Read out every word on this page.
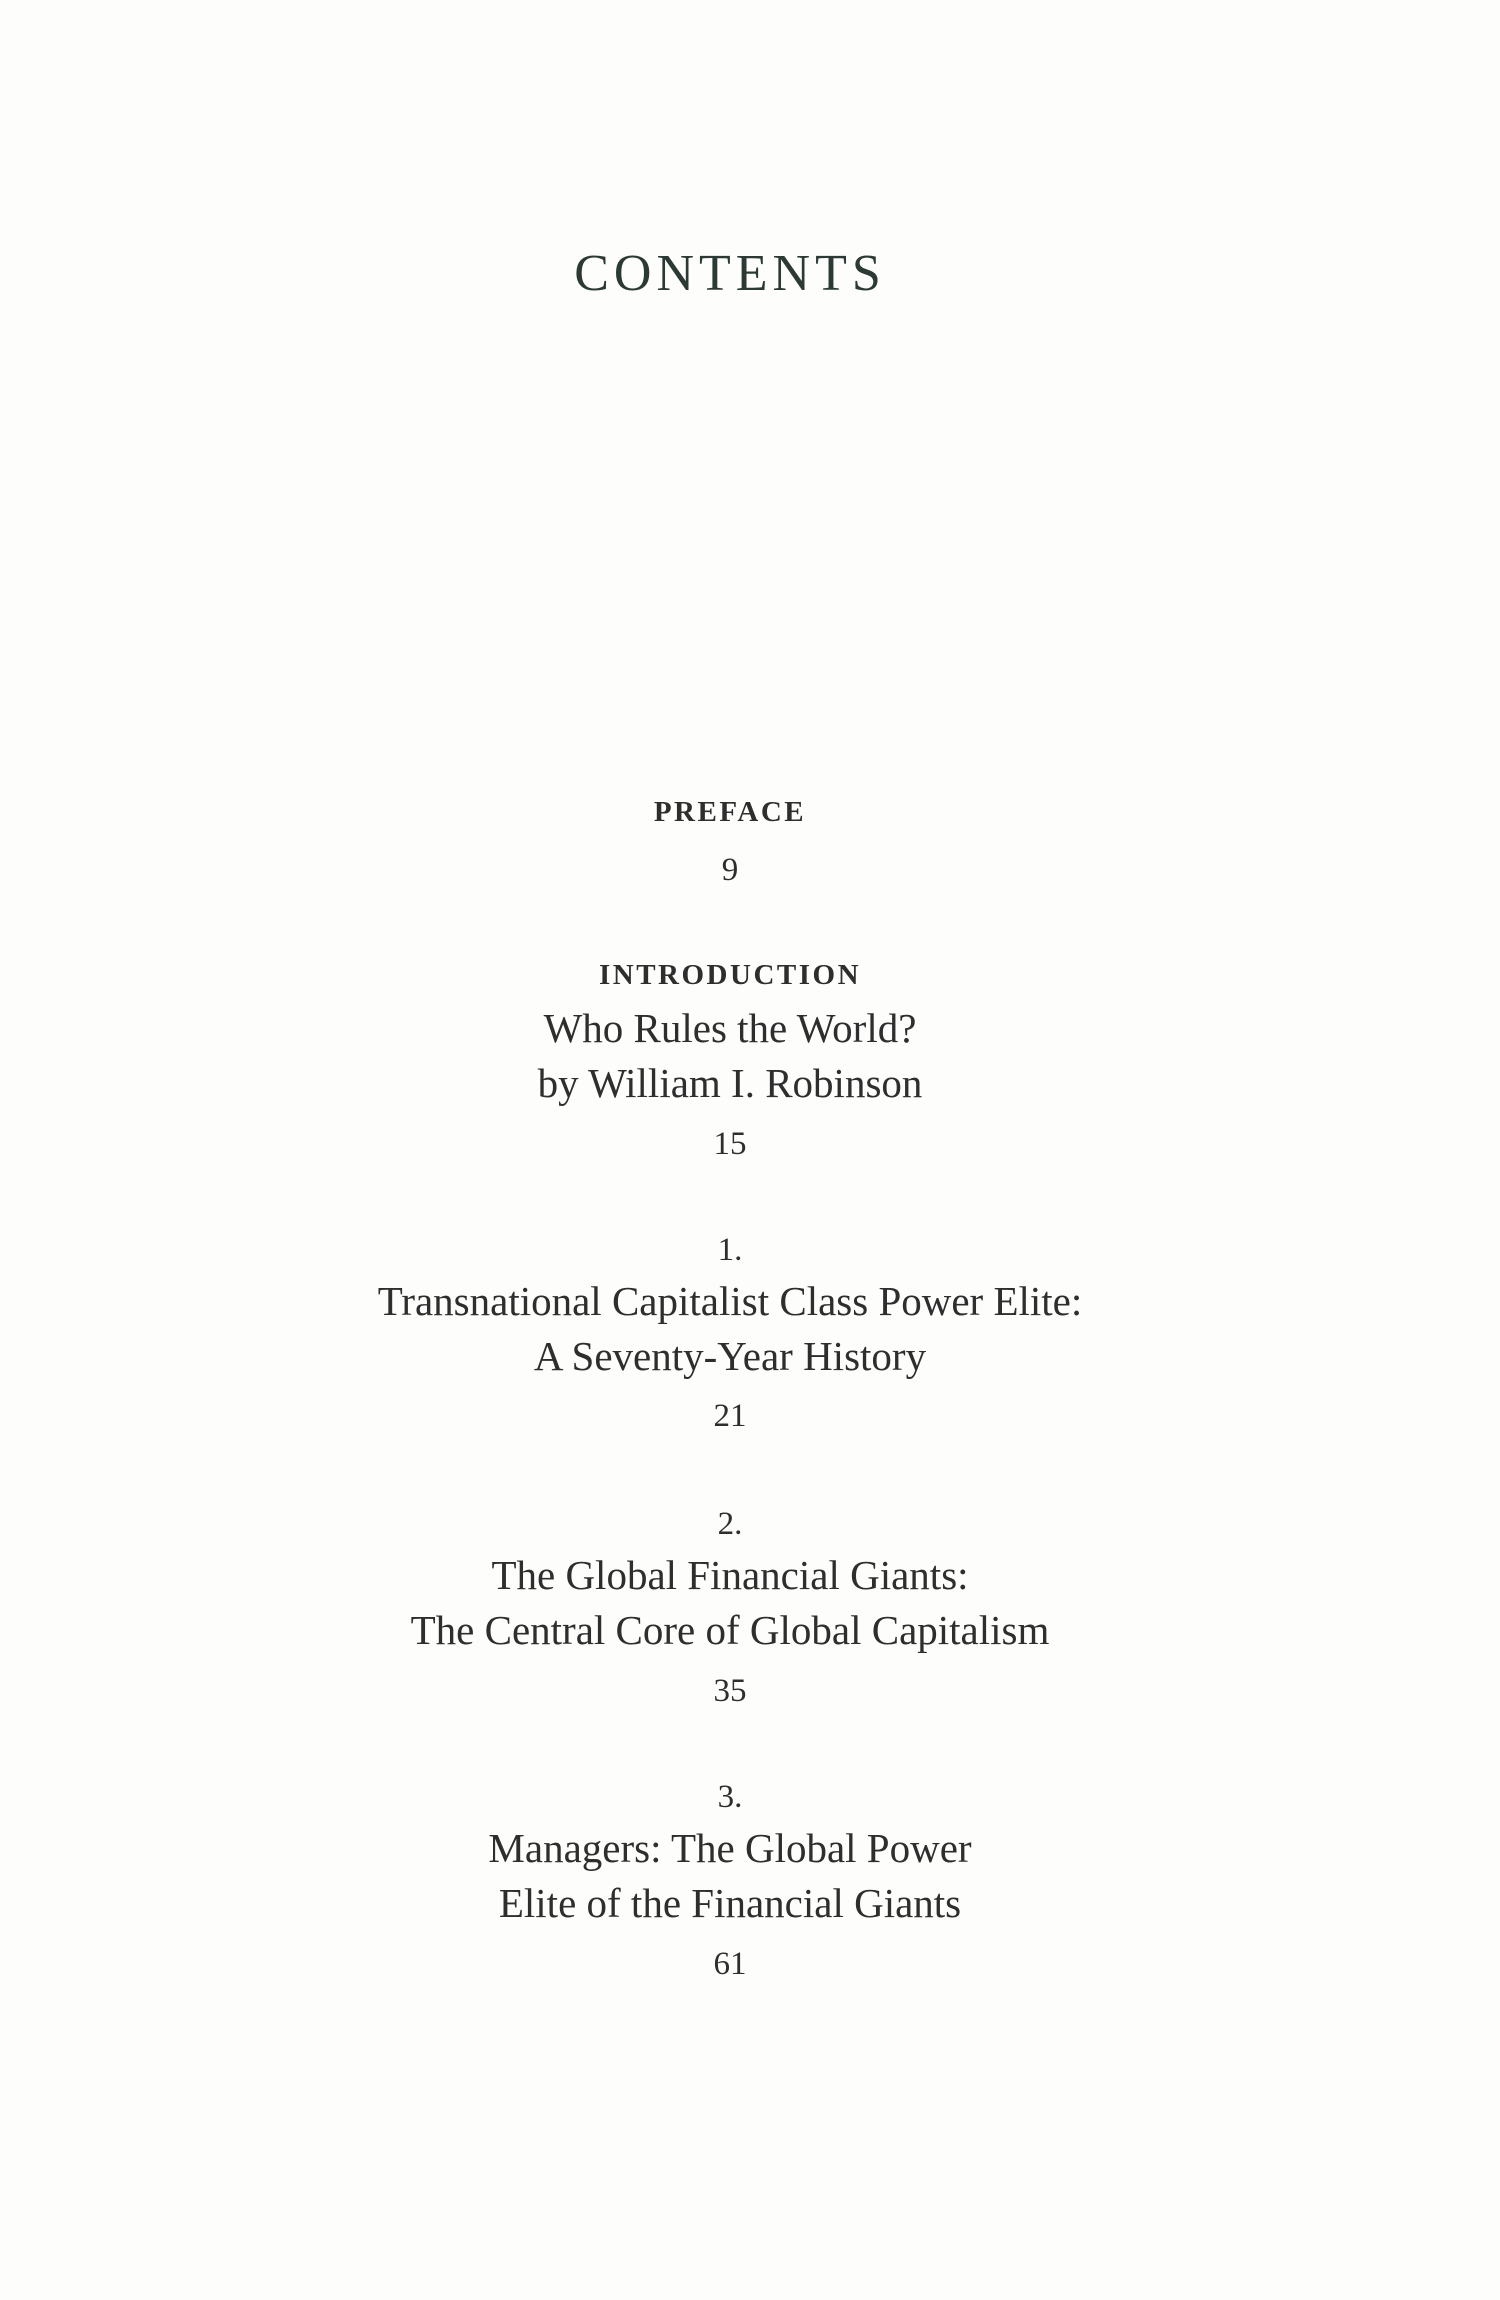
CONTENTS
PREFACE
9
INTRODUCTION
Who Rules the World?
by William I. Robinson
15
1.
Transnational Capitalist Class Power Elite:
A Seventy-Year History
21
2.
The Global Financial Giants:
The Central Core of Global Capitalism
35
3.
Managers: The Global Power
Elite of the Financial Giants
61
